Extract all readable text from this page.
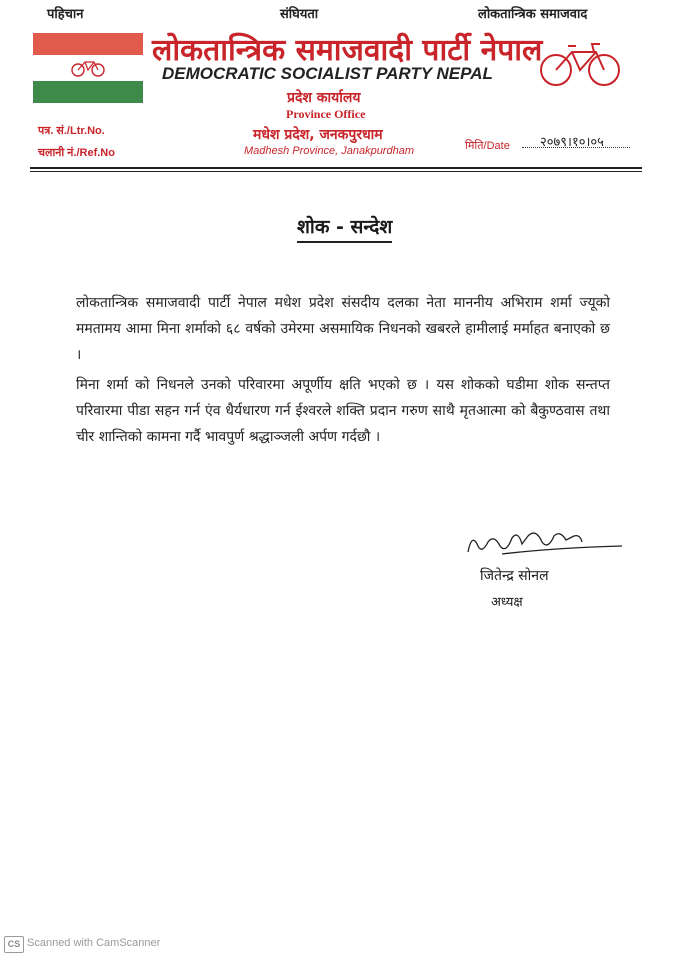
पहिचान	संघियता	लोकतान्त्रिक समाजवाद
लोकतान्त्रिक समाजवादी पार्टी नेपाल
DEMOCRATIC SOCIALIST PARTY NEPAL
प्रदेश कार्यालय
Province Office
मधेश प्रदेश, जनकपुरधाम
Madhesh Province, Janakpurdham
पत्र. सं./Ltr.No.
चलानी नं./Ref.No
मिति/Date २०७९।१०।०५
शोक - सन्देश
लोकतान्त्रिक समाजवादी पार्टी नेपाल मधेश प्रदेश संसदीय दलका नेता माननीय अभिराम शर्मा ज्यूको ममतामय आमा मिना शर्माको ६८ वर्षको उमेरमा असमायिक निधनको खबरले हामीलाई मर्माहत बनाएको छ ।
मिना शर्मा को निधनले उनको परिवारमा अपूर्णीय क्षति भएको छ । यस शोकको घडीमा शोक सन्तप्त परिवारमा पीडा सहन गर्न एंव धैर्यधारण गर्न ईश्वरले शक्ति प्रदान गरुण साथै मृतआत्मा को बैकुण्ठवास तथा चीर शान्तिको कामना गर्दै भावपुर्ण श्रद्धाञ्जली अर्पण गर्दछौ ।
जितेन्द्र सोनल
अध्यक्ष
CS Scanned with CamScanner
